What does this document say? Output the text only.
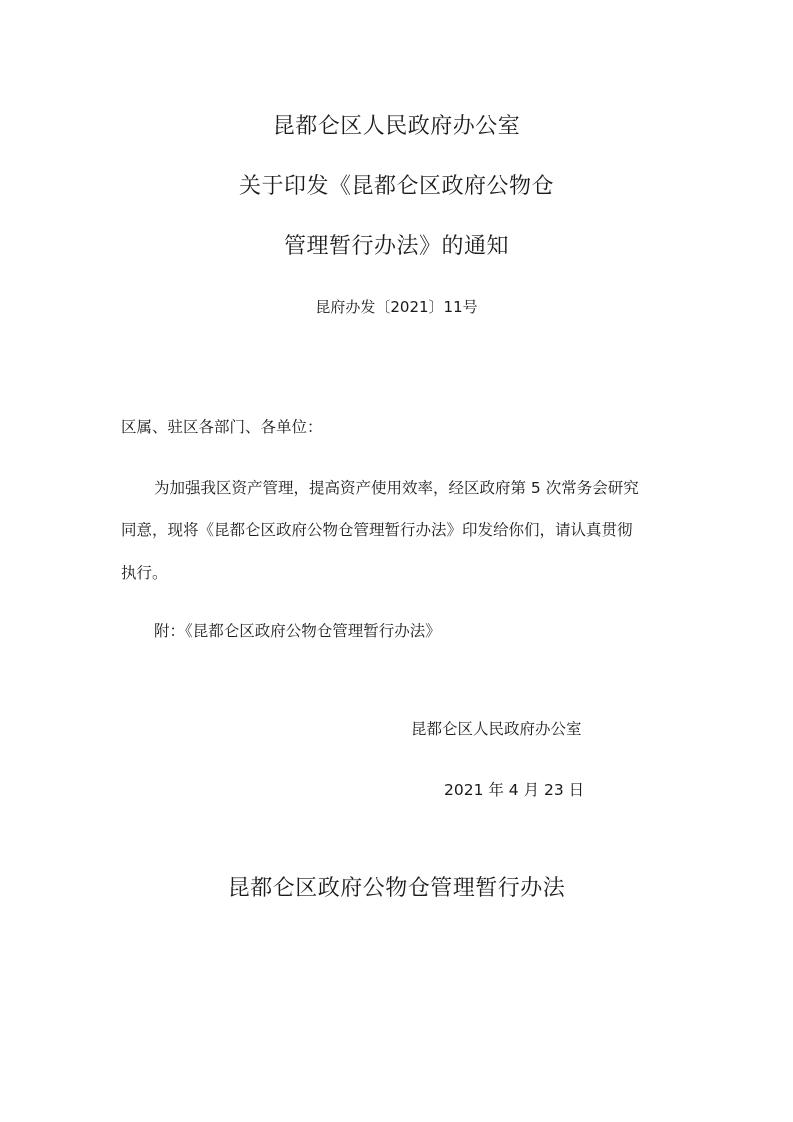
昆都仑区人民政府办公室
关于印发《昆都仑区政府公物仓
管理暂行办法》的通知
昆府办发〔2021〕11号
区属、驻区各部门、各单位：
为加强我区资产管理，提高资产使用效率，经区政府第 5 次常务会研究
同意，现将《昆都仑区政府公物仓管理暂行办法》印发给你们，请认真贯彻
执行。
附：《昆都仑区政府公物仓管理暂行办法》
昆都仑区人民政府办公室
2021 年 4 月 23 日
昆都仑区政府公物仓管理暂行办法
